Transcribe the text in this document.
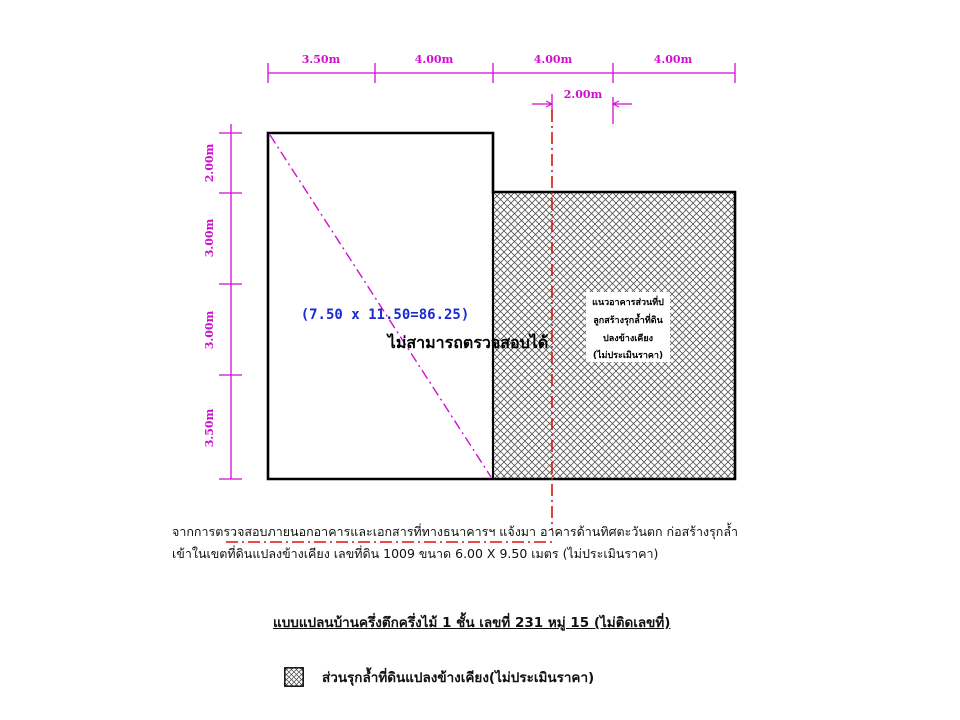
3.50m	4.00m	4.00m	4.00m
2.00m
2.00m
3.00m
3.00m
3.50m
(7.50 x 11.50=86.25)
แนวอาคารส่วนที่ป
ลูกสร้างรุกล้ำที่ดิน
ปลงข้างเคียง
(ไม่ประเมินราคา)
ไม่สามารถตรวจสอบได้
จากการตรวจสอบภายนอกอาคารและเอกสารที่ทางธนาคารฯ แจ้งมา อาคารด้านทิศตะวันตก ก่อสร้างรุกล้ำ
เข้าในเขตที่ดินแปลงข้างเคียง เลขที่ดิน 1009 ขนาด 6.00 X 9.50 เมตร (ไม่ประเมินราคา)
แบบแปลนบ้านครึ่งตึกครึ่งไม้ 1 ชั้น เลขที่ 231 หมู่ 15 (ไม่ติดเลขที่)
ส่วนรุกล้ำที่ดินแปลงข้างเคียง(ไม่ประเมินราคา)
